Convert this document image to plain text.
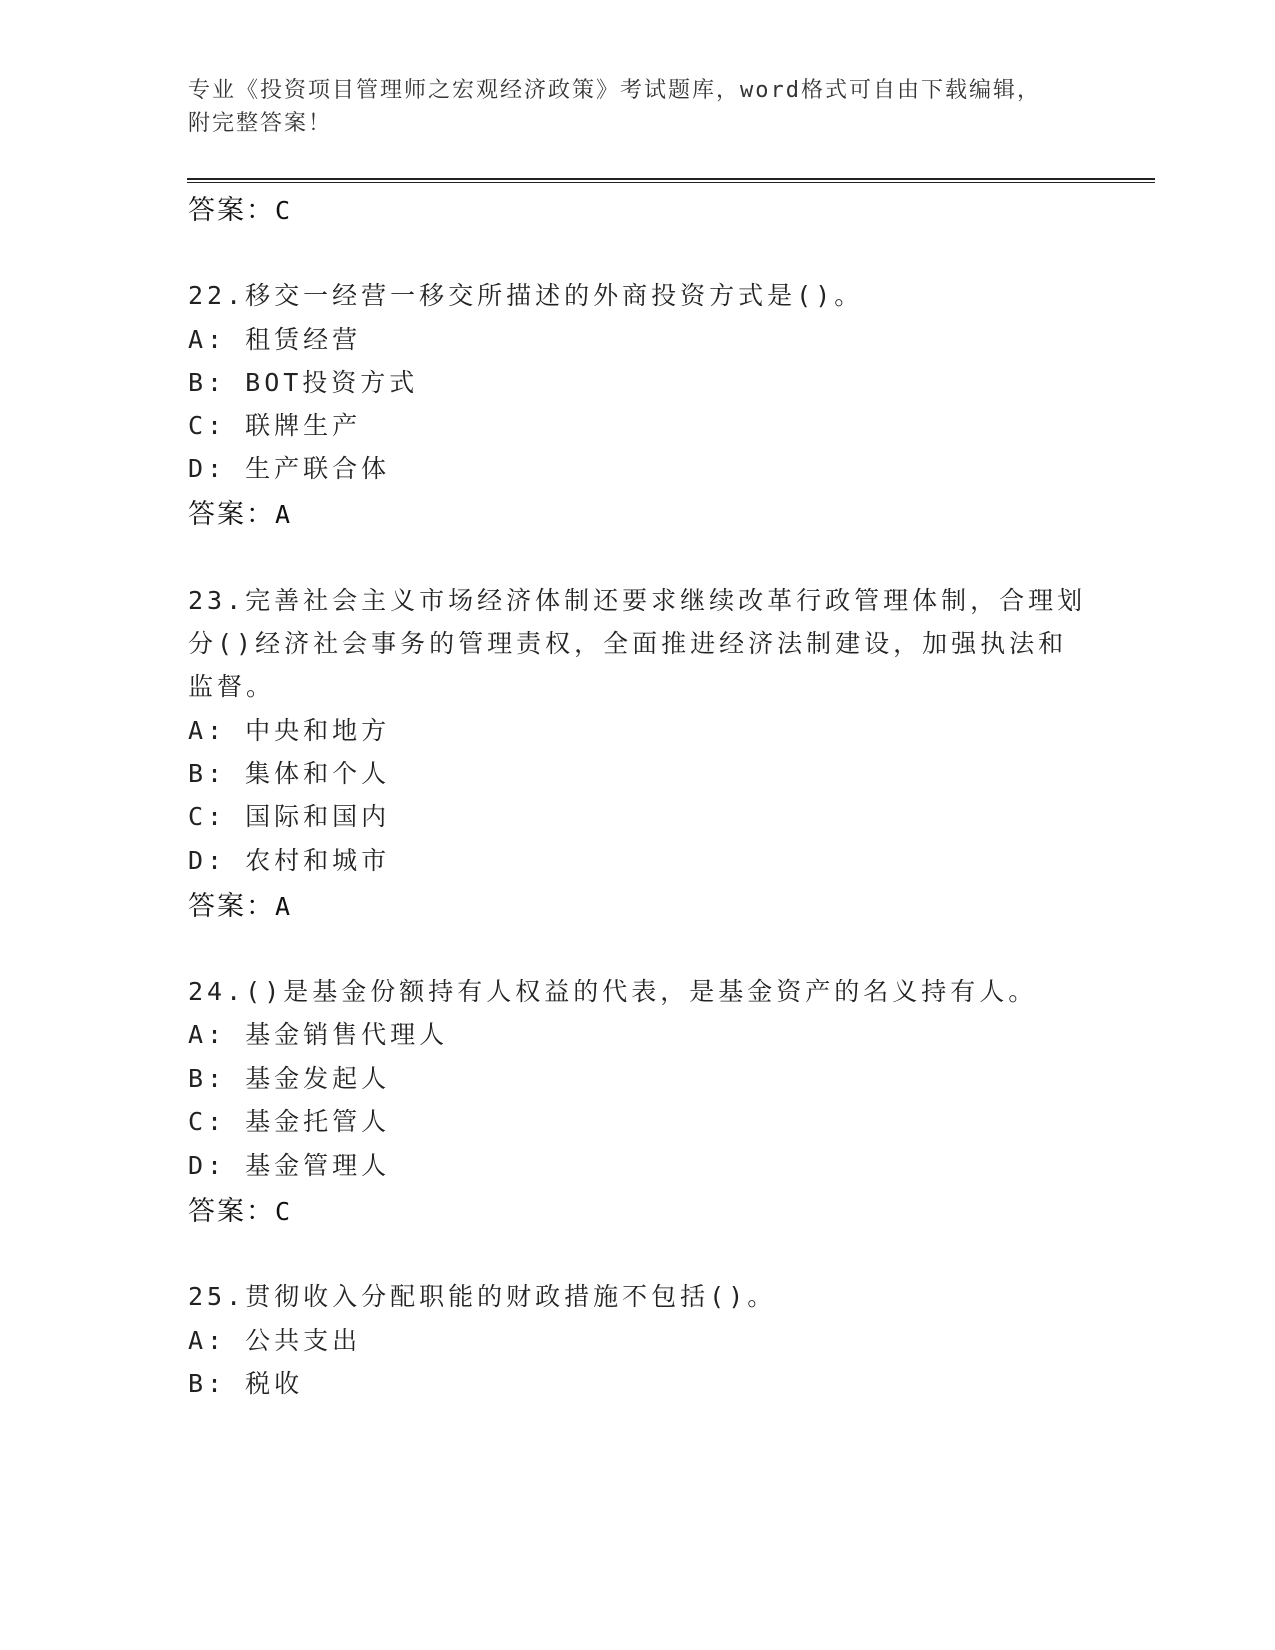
专业《投资项目管理师之宏观经济政策》考试题库，word格式可自由下载编辑，
附完整答案！
答案：C
22.移交一经营一移交所描述的外商投资方式是()。
A: 租赁经营
B: BOT投资方式
C: 联牌生产
D: 生产联合体
答案：A
23.完善社会主义市场经济体制还要求继续改革行政管理体制，合理划
分()经济社会事务的管理责权，全面推进经济法制建设，加强执法和
监督。
A: 中央和地方
B: 集体和个人
C: 国际和国内
D: 农村和城市
答案：A
24.()是基金份额持有人权益的代表，是基金资产的名义持有人。
A: 基金销售代理人
B: 基金发起人
C: 基金托管人
D: 基金管理人
答案：C
25.贯彻收入分配职能的财政措施不包括()。
A: 公共支出
B: 税收
